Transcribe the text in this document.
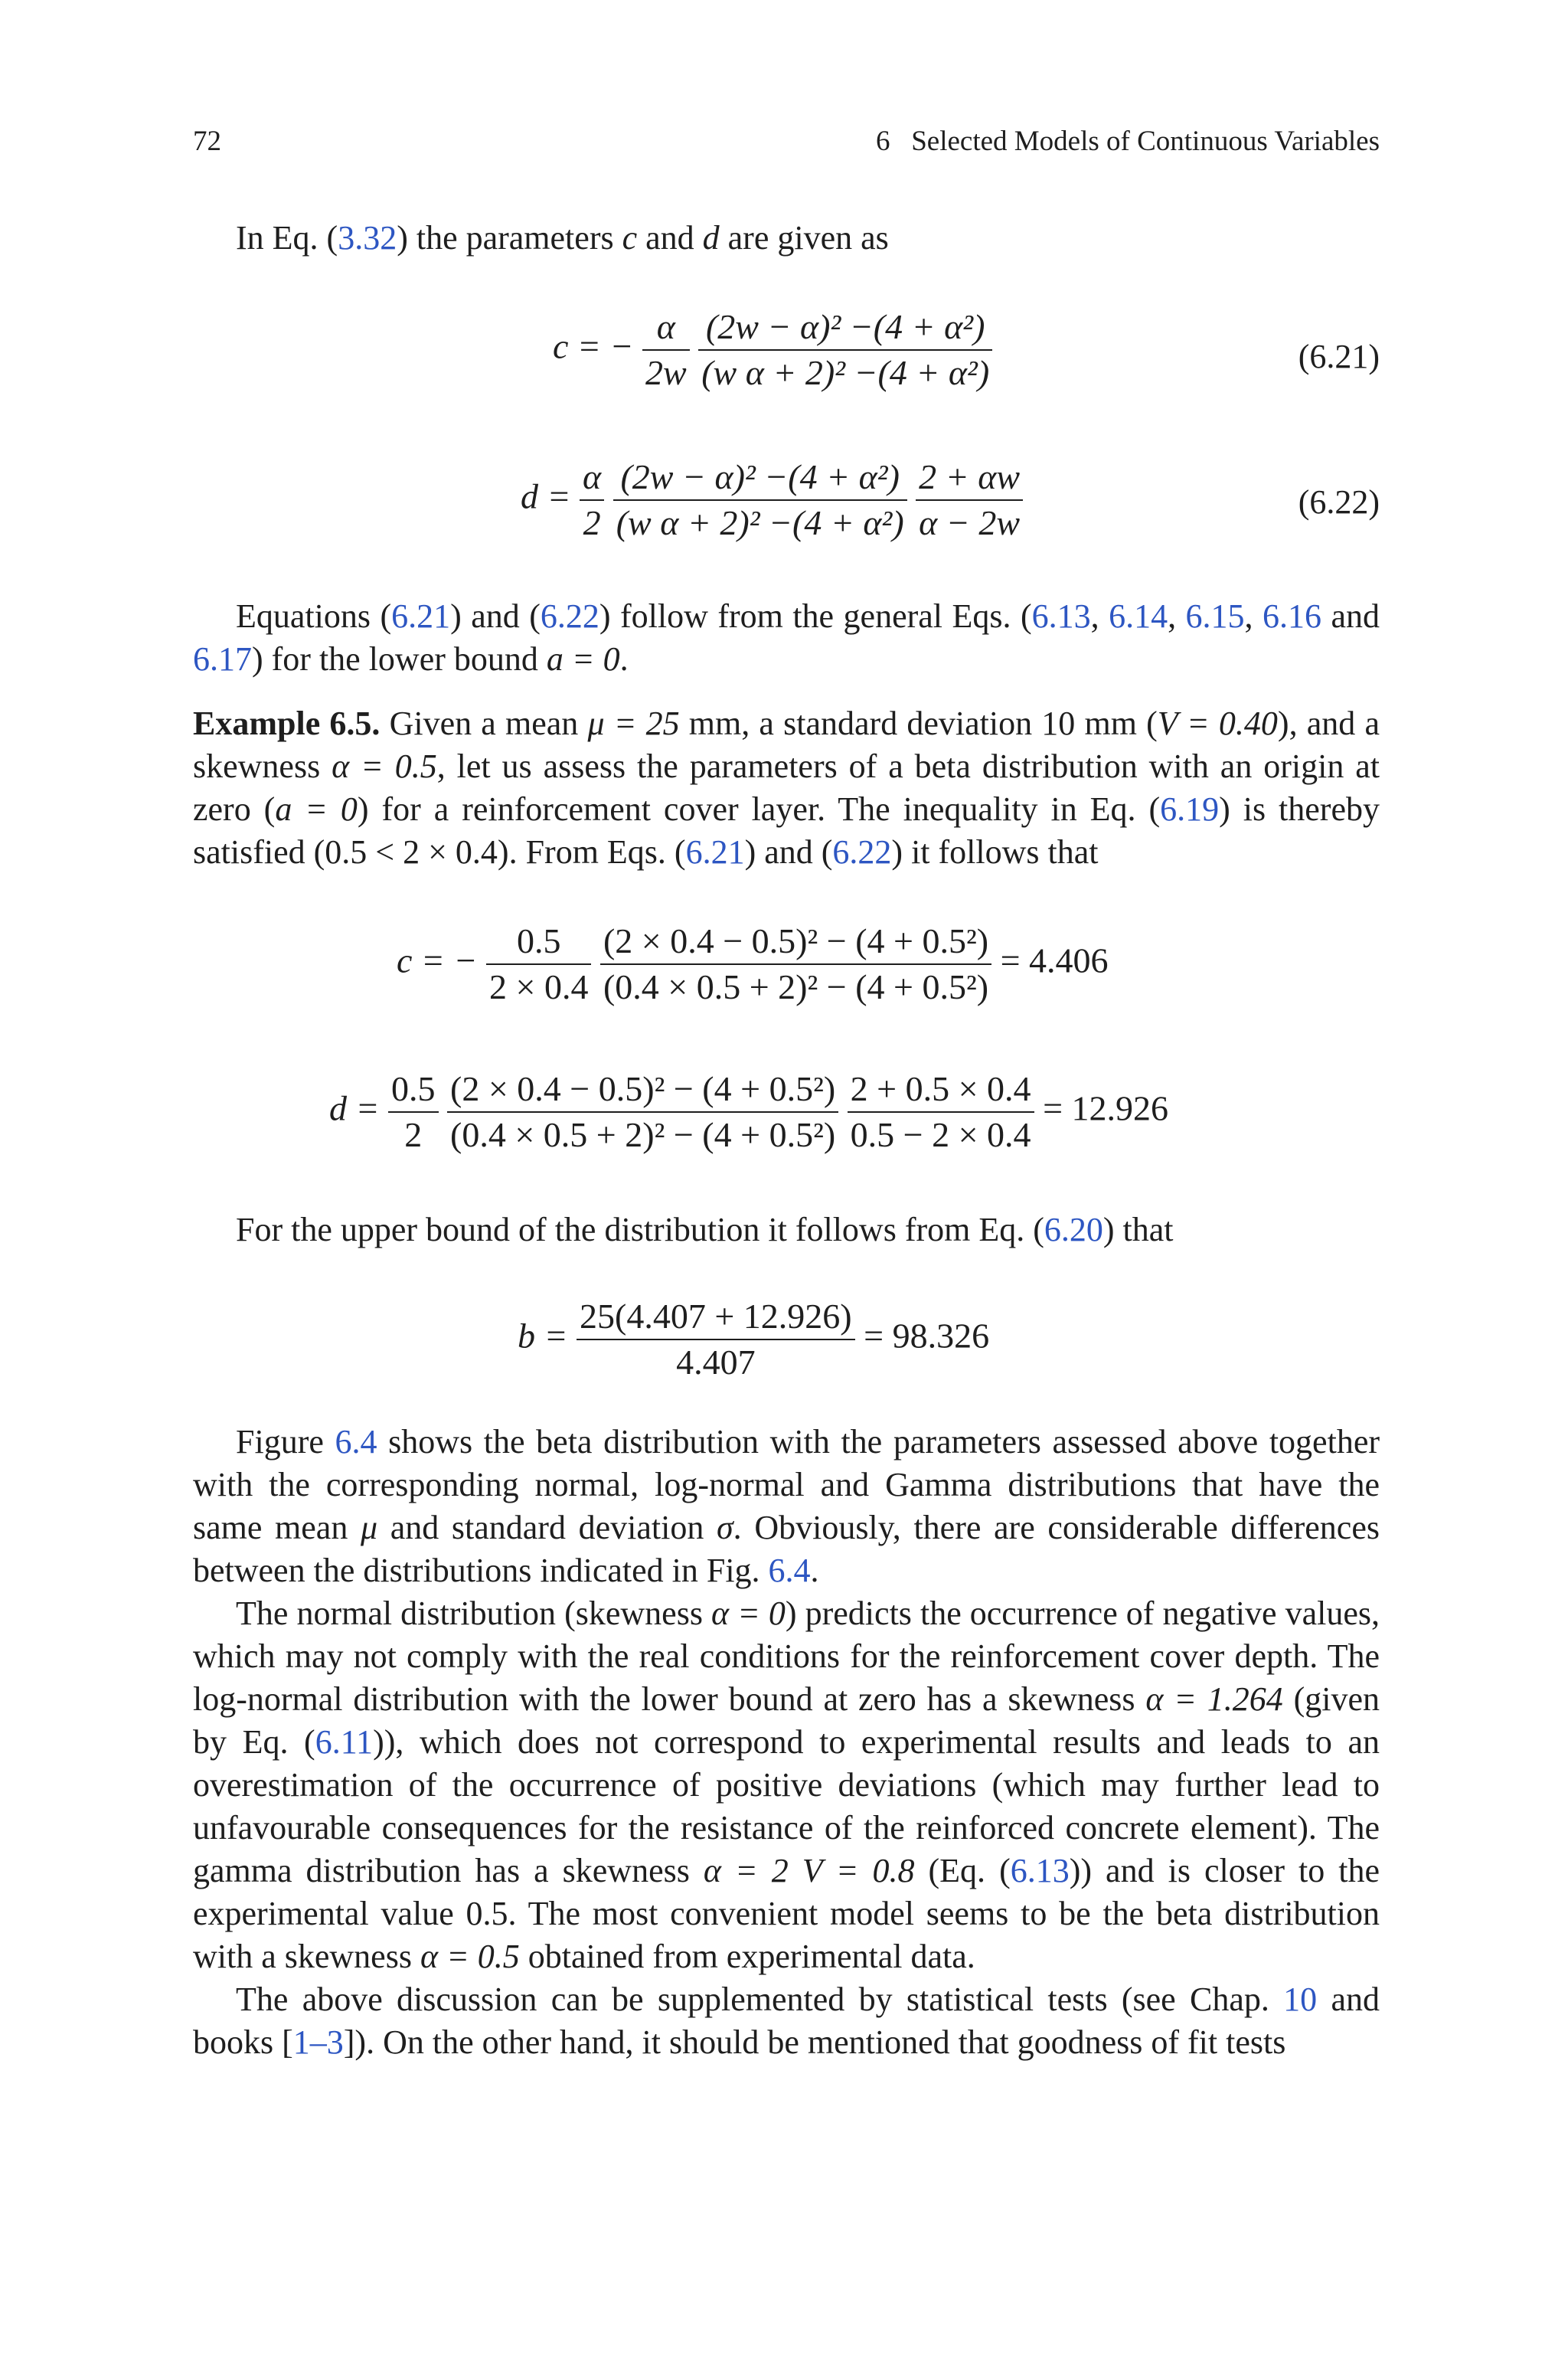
72	6   Selected Models of Continuous Variables

In Eq. (3.32) the parameters c and d are given as

c = − $\frac{\alpha}{2w}$
$\frac{\text{(2w − α)² −(4 + α²)}}{\text{(w α + 2)² −(4 + α²)}}$	(6.21)
$d = \frac{\alpha}{2}$
$\frac{\text{(2w − α)² −(4 + α²)}}{\text{(w α + 2)² −(4 + α²)}}$
$\frac{2 + \alpha w}{\alpha - 2w}$	(6.22)

Equations (6.21) and (6.22) follow from the general Eqs. (6.13, 6.14, 6.15, 6.16 and 6.17) for the lower bound a = 0.

Example 6.5. Given a mean μ = 25 mm, a standard deviation 10 mm (V = 0.40), and a skewness α = 0.5, let us assess the parameters of a beta distribution with an origin at zero (a = 0) for a reinforcement cover layer. The inequality in Eq. (6.19) is thereby satisfied (0.5 < 2 × 0.4). From Eqs. (6.21) and (6.22) it follows that

c = − $\frac{0.5}{2 \times 0.4}$
$\frac{\text{(2 × 0.4 − 0.5)² − (4 + 0.5²)}}{\text{(0.4 × 0.5 + 2)² − (4 + 0.5²)}} = 4.406$
$d = \frac{0.5}{2}$
$\frac{\text{(2 × 0.4 − 0.5)² − (4 + 0.5²)}}{\text{(0.4 × 0.5 + 2)² − (4 + 0.5²)}}$
$\frac{2 + 0.5 \times 0.4}{0.5 - 2 \times 0.4} = 12.926$

For the upper bound of the distribution it follows from Eq. (6.20) that

$b = \frac{25(4.407 + 12.926)}{4.407} = 98.326$

Figure 6.4 shows the beta distribution with the parameters assessed above together with the corresponding normal, log-normal and Gamma distributions that have the same mean μ and standard deviation σ. Obviously, there are considerable differences between the distributions indicated in Fig. 6.4.

The normal distribution (skewness α = 0) predicts the occurrence of negative values, which may not comply with the real conditions for the reinforcement cover depth. The log-normal distribution with the lower bound at zero has a skewness α = 1.264 (given by Eq. (6.11)), which does not correspond to experimental results and leads to an overestimation of the occurrence of positive deviations (which may further lead to unfavourable consequences for the resistance of the reinforced concrete element). The gamma distribution has a skewness α = 2 V = 0.8 (Eq. (6.13)) and is closer to the experimental value 0.5. The most convenient model seems to be the beta distribution with a skewness α = 0.5 obtained from experimental data.

The above discussion can be supplemented by statistical tests (see Chap. 10 and books [1–3]). On the other hand, it should be mentioned that goodness of fit tests
